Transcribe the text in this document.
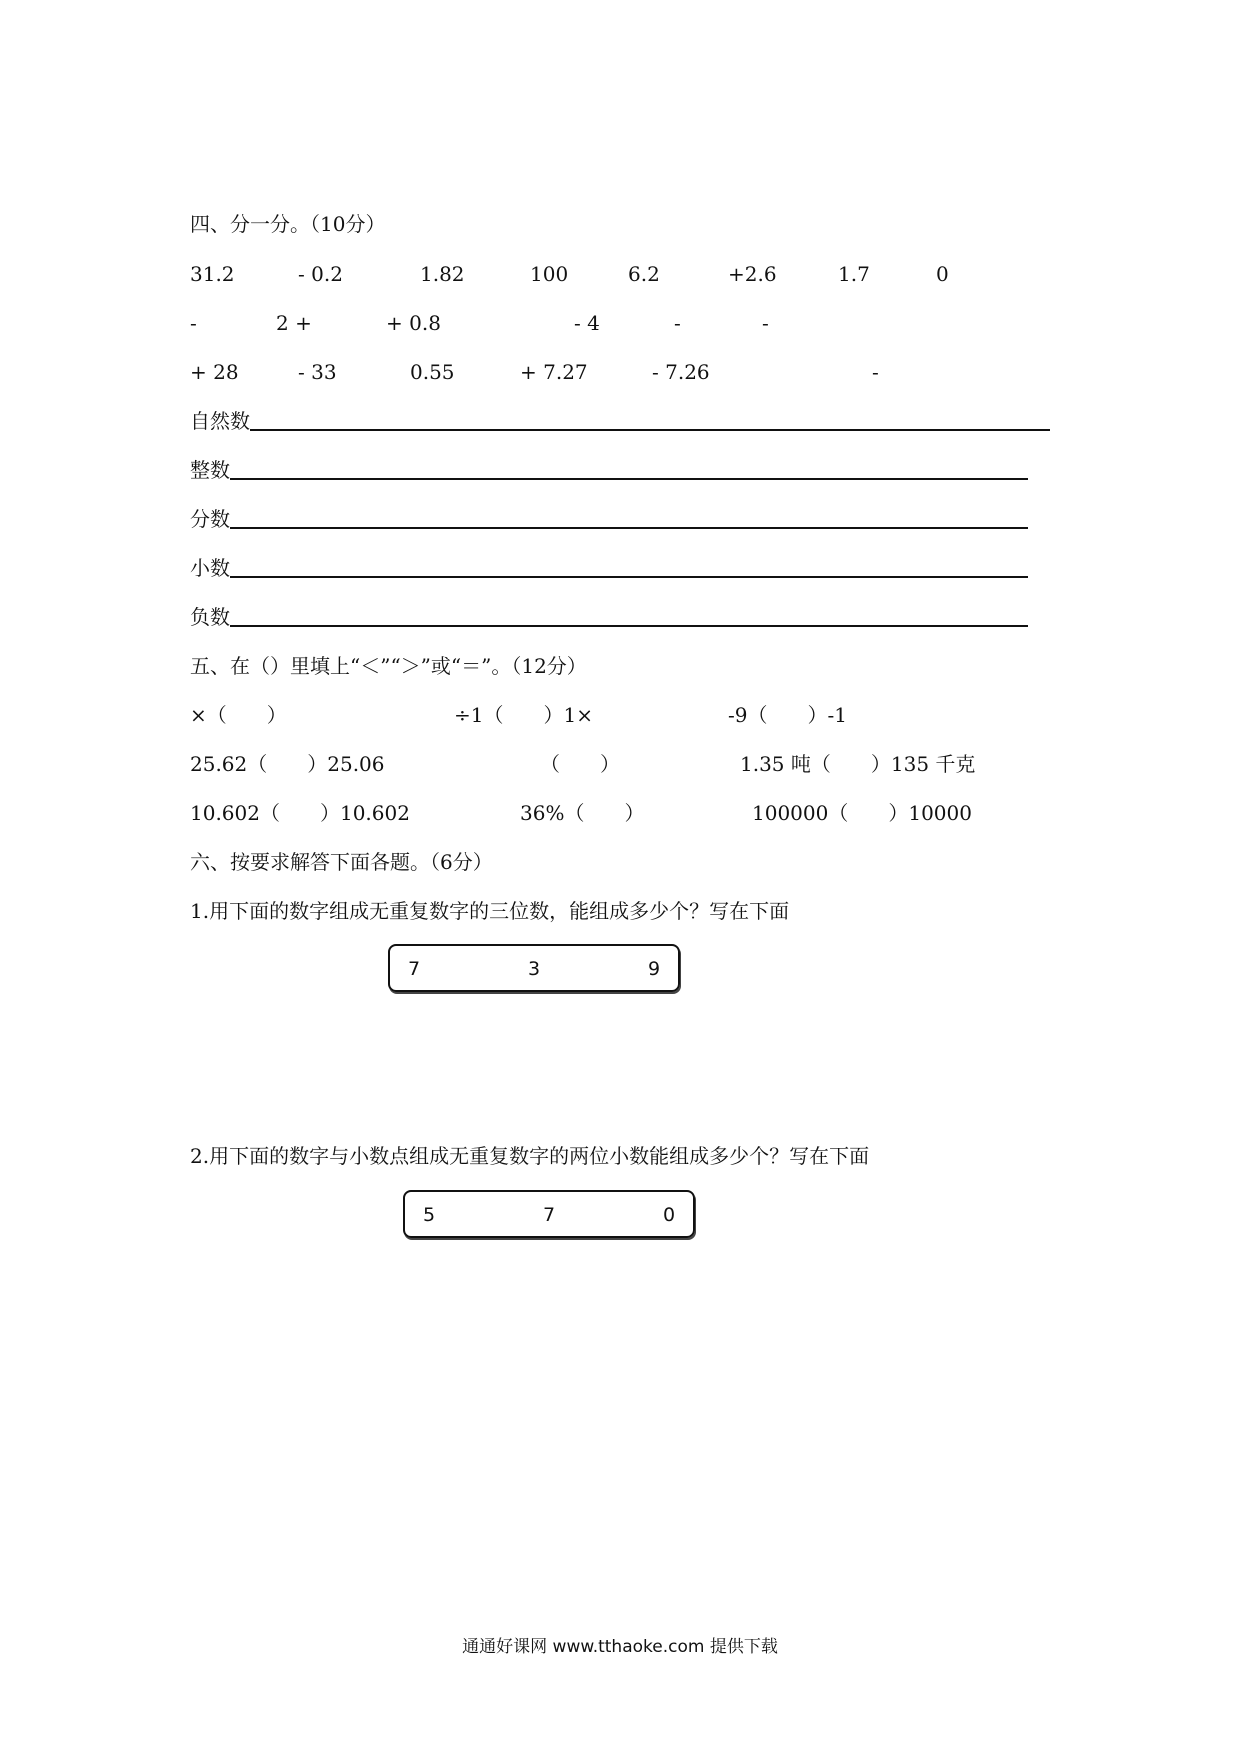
四、分一分。（10分）
31.2	- 0.2	1.82	100	6.2	+2.6	1.7	0
-	2 +	+ 0.8	- 4	-	-
+ 28	- 33	0.55	+ 7.27	- 7.26	-
自然数
整数
分数
小数
负数
五、在（）里填上“＜”“＞”或“＝”。（12分）
×（　　）	÷1（　　）1×	-9（　　）-1
25.62（　　）25.06	（　　）	1.35 吨（　　）135 千克
10.602（　　）10.602	36%（　　）	100000（　　）10000
六、按要求解答下面各题。（6分）
1.用下面的数字组成无重复数字的三位数，能组成多少个？写在下面
7	3	9
2.用下面的数字与小数点组成无重复数字的两位小数能组成多少个？写在下面
5	7	0
通通好课网 www.tthaoke.com 提供下载
